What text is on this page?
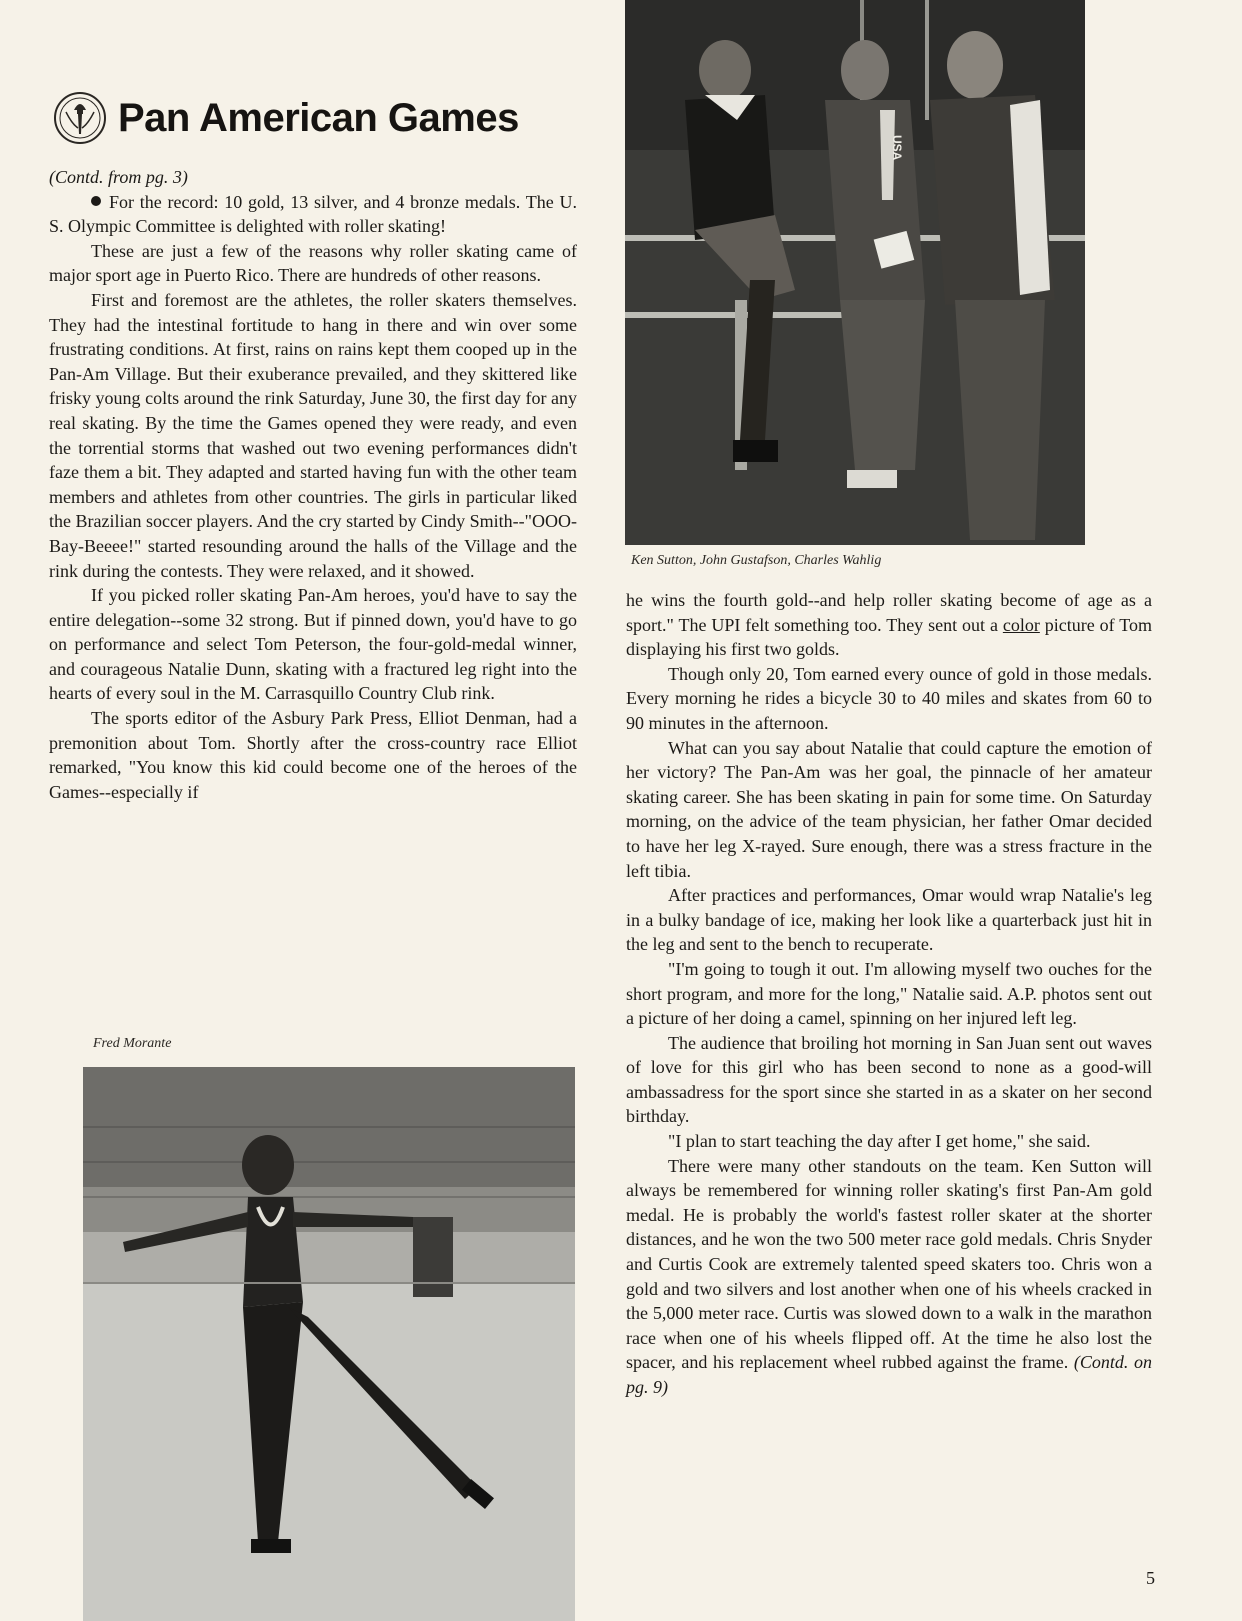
Pan American Games

(Contd. from pg. 3)

For the record: 10 gold, 13 silver, and 4 bronze medals. The U. S. Olympic Committee is delighted with roller skating!

These are just a few of the reasons why roller skating came of major sport age in Puerto Rico. There are hundreds of other reasons.

First and foremost are the athletes, the roller skaters themselves. They had the intestinal fortitude to hang in there and win over some frustrating conditions. At first, rains on rains kept them cooped up in the Pan-Am Village. But their exuberance prevailed, and they skittered like frisky young colts around the rink Saturday, June 30, the first day for any real skating. By the time the Games opened they were ready, and even the torrential storms that washed out two evening performances didn't faze them a bit. They adapted and started having fun with the other team members and athletes from other countries. The girls in particular liked the Brazilian soccer players. And the cry started by Cindy Smith--"OOO-Bay-Beeee!" started resounding around the halls of the Village and the rink during the contests. They were relaxed, and it showed.

If you picked roller skating Pan-Am heroes, you'd have to say the entire delegation--some 32 strong. But if pinned down, you'd have to go on performance and select Tom Peterson, the four-gold-medal winner, and courageous Natalie Dunn, skating with a fractured leg right into the hearts of every soul in the M. Carrasquillo Country Club rink.

The sports editor of the Asbury Park Press, Elliot Denman, had a premonition about Tom. Shortly after the cross-country race Elliot remarked, "You know this kid could become one of the heroes of the Games--especially if

USA
Ken Sutton, John Gustafson, Charles Wahlig
Fred Morante

he wins the fourth gold--and help roller skating become of age as a sport." The UPI felt something too. They sent out a color picture of Tom displaying his first two golds.

Though only 20, Tom earned every ounce of gold in those medals. Every morning he rides a bicycle 30 to 40 miles and skates from 60 to 90 minutes in the afternoon.

What can you say about Natalie that could capture the emotion of her victory? The Pan-Am was her goal, the pinnacle of her amateur skating career. She has been skating in pain for some time. On Saturday morning, on the advice of the team physician, her father Omar decided to have her leg X-rayed. Sure enough, there was a stress fracture in the left tibia.

After practices and performances, Omar would wrap Natalie's leg in a bulky bandage of ice, making her look like a quarterback just hit in the leg and sent to the bench to recuperate.

"I'm going to tough it out. I'm allowing myself two ouches for the short program, and more for the long," Natalie said. A.P. photos sent out a picture of her doing a camel, spinning on her injured left leg.

The audience that broiling hot morning in San Juan sent out waves of love for this girl who has been second to none as a good-will ambassadress for the sport since she started in as a skater on her second birthday.

"I plan to start teaching the day after I get home," she said.

There were many other standouts on the team. Ken Sutton will always be remembered for winning roller skating's first Pan-Am gold medal. He is probably the world's fastest roller skater at the shorter distances, and he won the two 500 meter race gold medals. Chris Snyder and Curtis Cook are extremely talented speed skaters too. Chris won a gold and two silvers and lost another when one of his wheels cracked in the 5,000 meter race. Curtis was slowed down to a walk in the marathon race when one of his wheels flipped off. At the time he also lost the spacer, and his replacement wheel rubbed against the frame. (Contd. on pg. 9)

5
